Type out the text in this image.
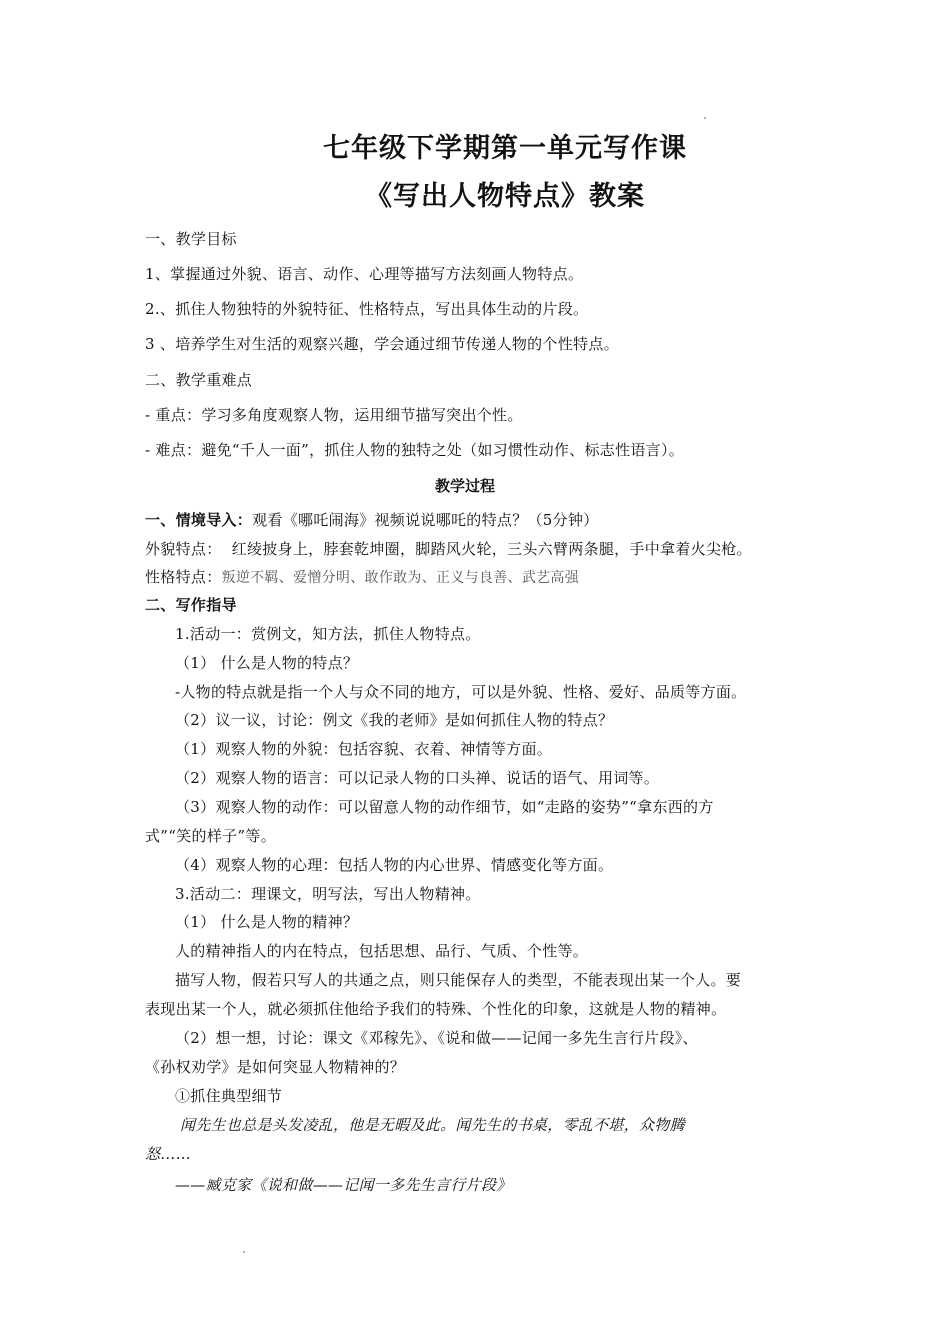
七年级下学期第一单元写作课
《写出人物特点》教案
一、教学目标
1、掌握通过外貌、语言、动作、心理等描写方法刻画人物特点。
2.、抓住人物独特的外貌特征、性格特点，写出具体生动的片段。
3 、培养学生对生活的观察兴趣，学会通过细节传递人物的个性特点。
二、教学重难点
- 重点：学习多角度观察人物，运用细节描写突出个性。
- 难点：避免“千人一面”，抓住人物的独特之处（如习惯性动作、标志性语言）。
教学过程
一、情境导入：观看《哪吒闹海》视频说说哪吒的特点？（5分钟）
外貌特点：  红绫披身上，脖套乾坤圈，脚踏风火轮，三头六臂两条腿，手中拿着火尖枪。
性格特点：叛逆不羁、爱憎分明、敢作敢为、正义与良善、武艺高强
二、写作指导
1.活动一：赏例文，知方法，抓住人物特点。
（1） 什么是人物的特点？
-人物的特点就是指一个人与众不同的地方，可以是外貌、性格、爱好、品质等方面。
（2）议一议，讨论：例文《我的老师》是如何抓住人物的特点？
（1）观察人物的外貌：包括容貌、衣着、神情等方面。
（2）观察人物的语言：可以记录人物的口头禅、说话的语气、用词等。
（3）观察人物的动作：可以留意人物的动作细节，如“走路的姿势”“拿东西的方
式”“笑的样子”等。
（4）观察人物的心理：包括人物的内心世界、情感变化等方面。
3.活动二：理课文，明写法，写出人物精神。
（1） 什么是人物的精神？
人的精神指人的内在特点，包括思想、品行、气质、个性等。
描写人物，假若只写人的共通之点，则只能保存人的类型，不能表现出某一个人。要
表现出某一个人，就必须抓住他给予我们的特殊、个性化的印象，这就是人物的精神。
（2）想一想，讨论：课文《邓稼先》、《说和做——记闻一多先生言行片段》、
《孙权劝学》是如何突显人物精神的？
①抓住典型细节
闻先生也总是头发凌乱，他是无暇及此。闻先生的书桌，零乱不堪，众物腾
怒……
——臧克家《说和做——记闻一多先生言行片段》
